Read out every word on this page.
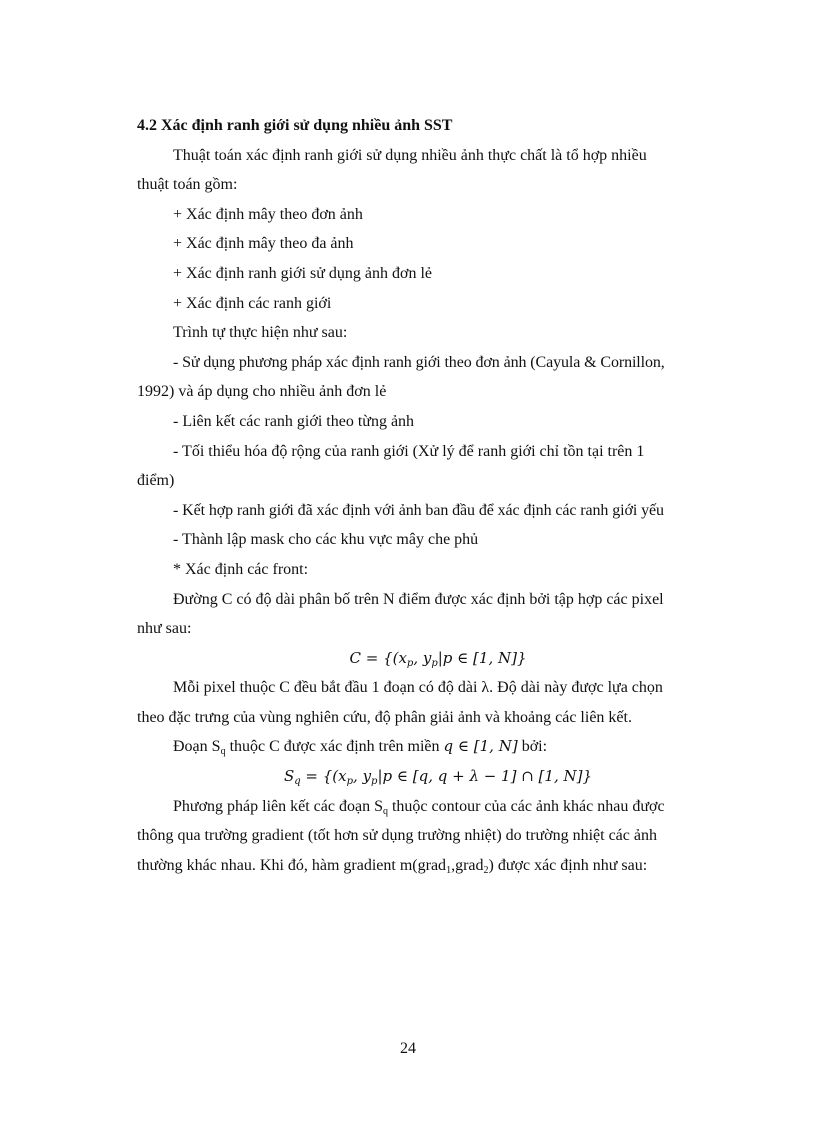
4.2 Xác định ranh giới sử dụng nhiều ảnh SST

Thuật toán xác định ranh giới sử dụng nhiều ảnh thực chất là tổ hợp nhiều

thuật toán gồm:

+ Xác định mây theo đơn ảnh

+ Xác định mây theo đa ảnh

+ Xác định ranh giới sử dụng ảnh đơn lẻ

+ Xác định các ranh giới

Trình tự thực hiện như sau:

- Sử dụng phương pháp xác định ranh giới theo đơn ảnh (Cayula & Cornillon,

1992) và áp dụng cho nhiều ảnh đơn lẻ

- Liên kết các ranh giới theo từng ảnh

- Tối thiểu hóa độ rộng của ranh giới (Xử lý để ranh giới chỉ tồn tại trên 1

điểm)

- Kết hợp ranh giới đã xác định với ảnh ban đầu để xác định các ranh giới yếu

- Thành lập mask cho các khu vực mây che phủ

* Xác định các front:

Đường C có độ dài phân bố trên N điểm được xác định bởi tập hợp các pixel

như sau:

$C = \{(x_p$, $y_p|p$ ∈ [1, N]}

Mỗi pixel thuộc C đều bắt đầu 1 đoạn có độ dài λ. Độ dài này được lựa chọn

theo đặc trưng của vùng nghiên cứu, độ phân giải ảnh và khoảng các liên kết.

Đoạn $S_q$ thuộc C được xác định trên miền q ∈ [1, N] bởi:

$S_q = \{(x_p$, $y_p|p$ ∈ [q, q + λ − 1] ∩ [1, N]}

Phương pháp liên kết các đoạn $S_q$ thuộc contour của các ảnh khác nhau được

thông qua trường gradient (tốt hơn sử dụng trường nhiệt) do trường nhiệt các ảnh

thường khác nhau. Khi đó, hàm gradient m(grad$_1$,grad$_2$) được xác định như sau:

24
